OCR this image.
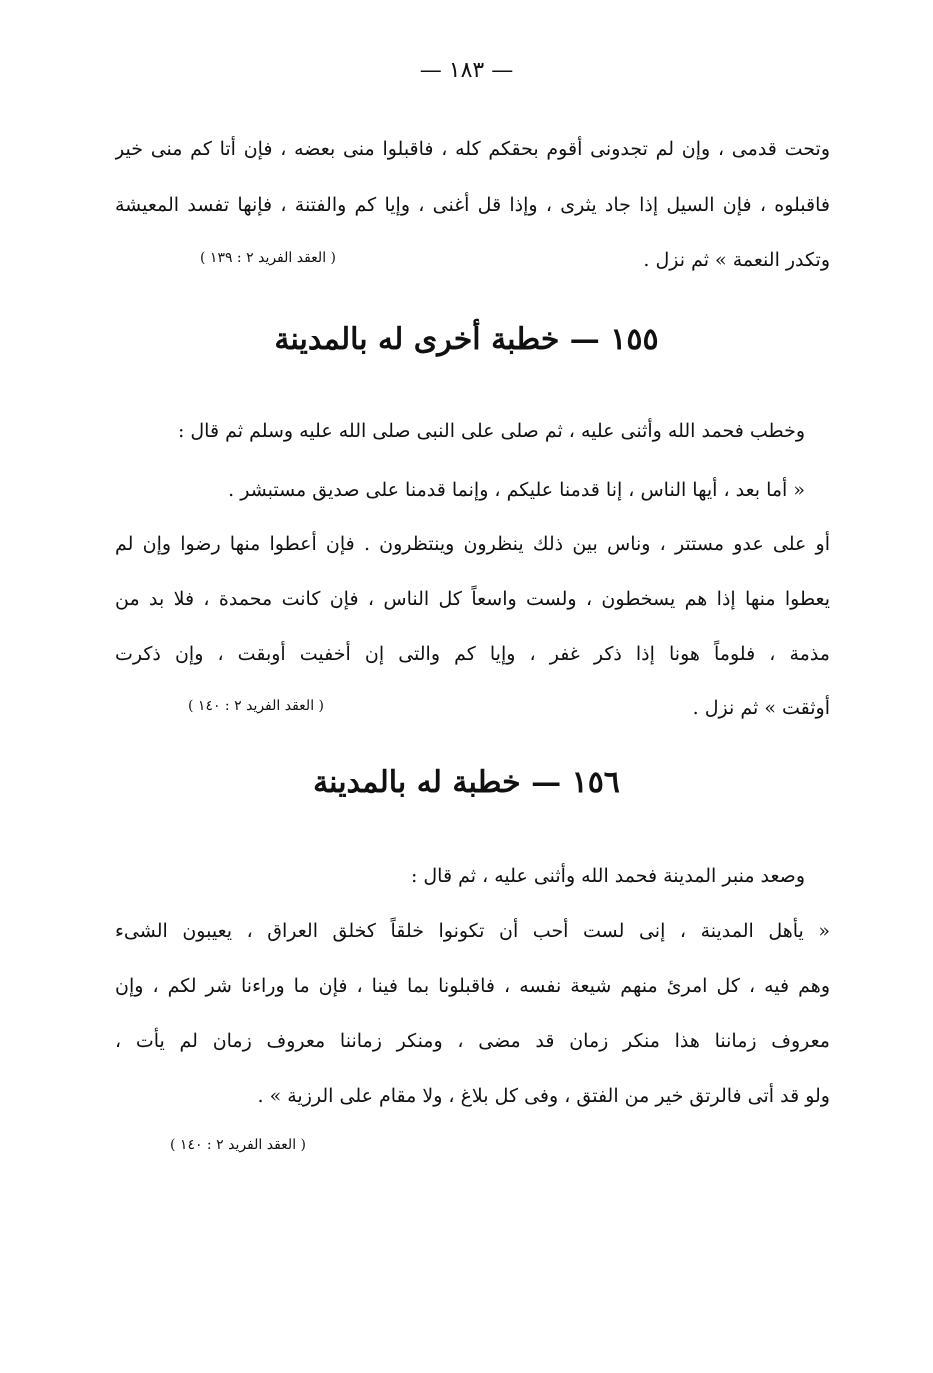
— ١٨٣ —
وتحت قدمى ، وإن لم تجدونى أقوم بحقكم كله ، فاقبلوا منى بعضه ، فإن أتا كم منى خير
فاقبلوه ، فإن السيل إذا جاد يثرى ، وإذا قل أغنى ، وإيا كم والفتنة ، فإنها تفسد المعيشة
وتكدر النعمة » ثم نزل .
( العقد الفريد ٢ : ١٣٩ )
١٥٥ — خطبة أخرى له بالمدينة
وخطب فحمد الله وأثنى عليه ، ثم صلى على النبى صلى الله عليه وسلم ثم قال :
« أما بعد ، أيها الناس ، إنا قدمنا عليكم ، وإنما قدمنا على صديق مستبشر .
أو على عدو مستتر ، وناس بين ذلك ينظرون وينتظرون . فإن أعطوا منها رضوا وإن لم
يعطوا منها إذا هم يسخطون ، ولست واسعاً كل الناس ، فإن كانت محمدة ، فلا بد من
مذمة ، فلوماً هونا إذا ذكر غفر ، وإيا كم والتى إن أخفيت أوبقت ، وإن ذكرت
أوثقت » ثم نزل .
( العقد الفريد ٢ : ١٤٠ )
١٥٦ — خطبة له بالمدينة
وصعد منبر المدينة فحمد الله وأثنى عليه ، ثم قال :
« يأهل المدينة ، إنى لست أحب أن تكونوا خلقاً كخلق العراق ، يعيبون الشىء
وهم فيه ، كل امرئ منهم شيعة نفسه ، فاقبلونا بما فينا ، فإن ما وراءنا شر لكم ، وإن
معروف زماننا هذا منكر زمان قد مضى ، ومنكر زماننا معروف زمان لم يأت ،
ولو قد أتى فالرتق خير من الفتق ، وفى كل بلاغ ، ولا مقام على الرزية » .
( العقد الفريد ٢ : ١٤٠ )
